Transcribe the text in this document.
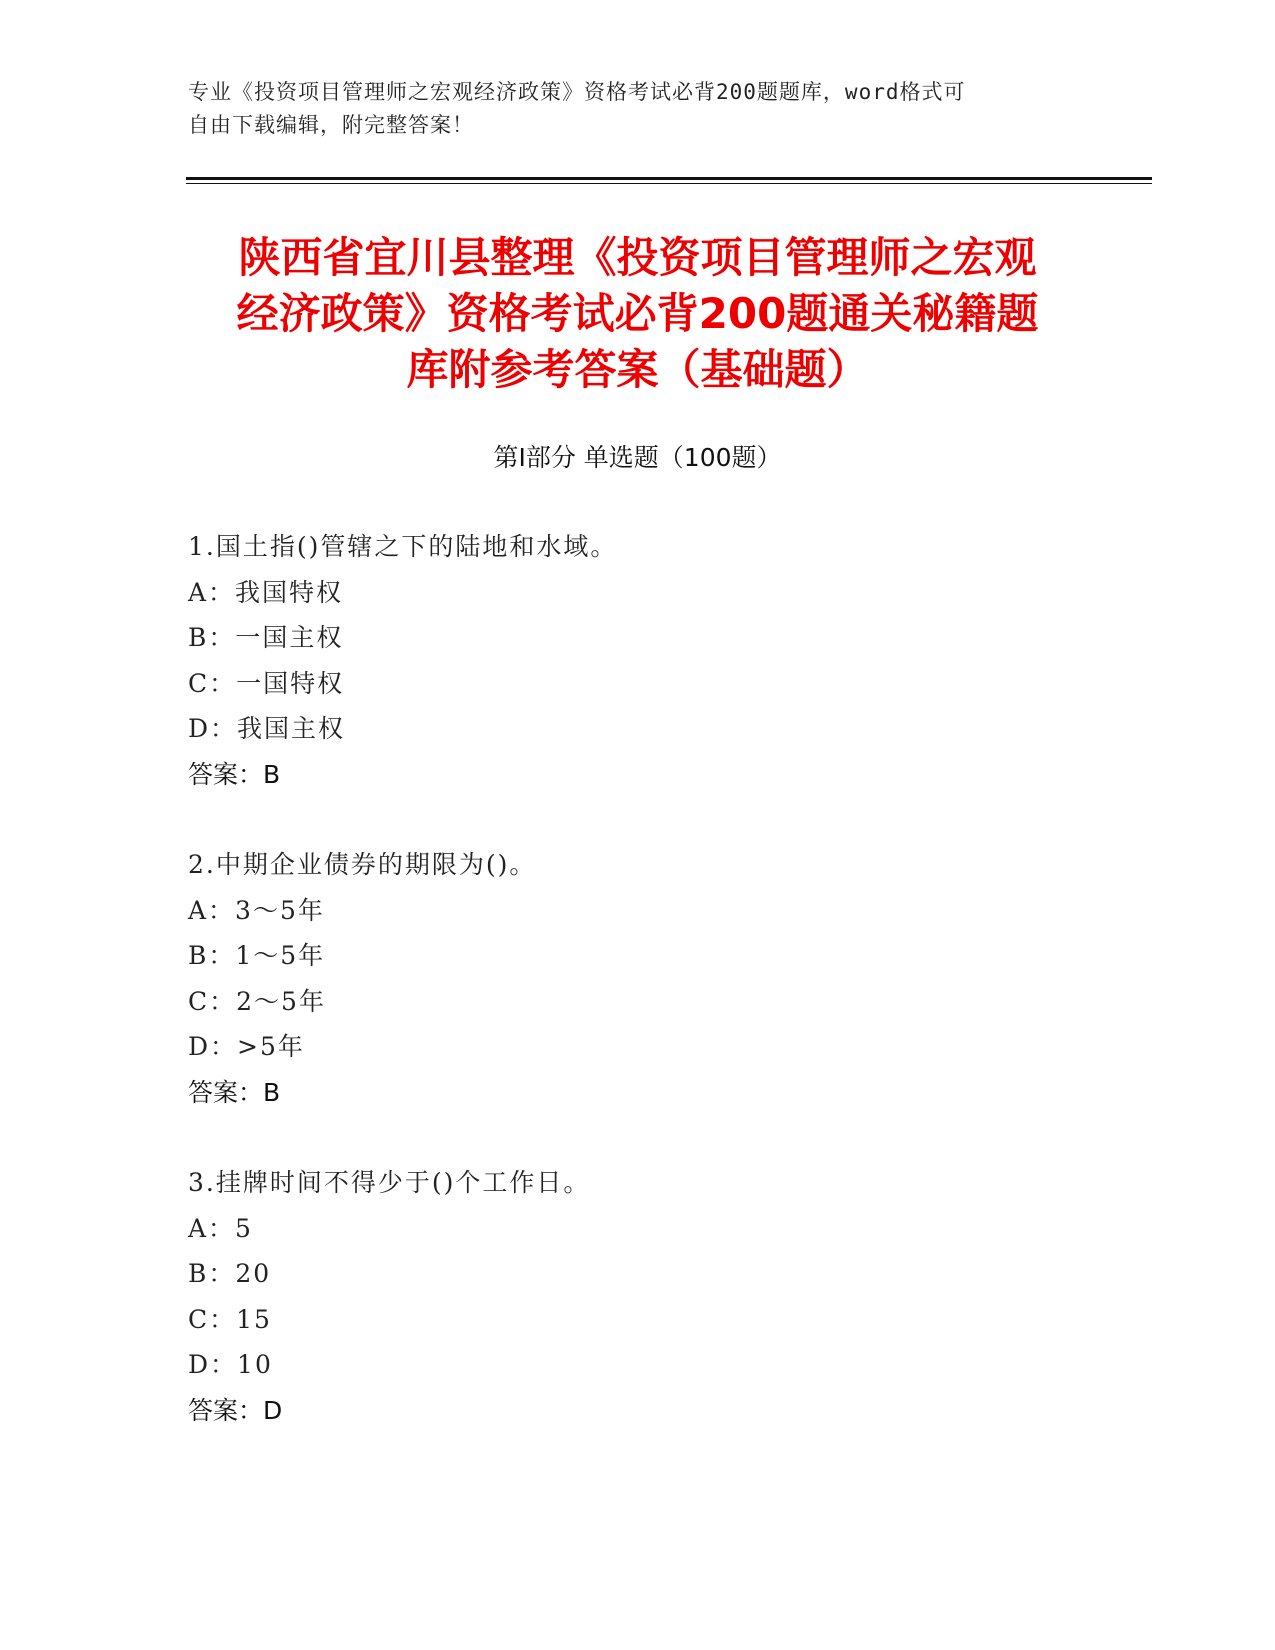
专业《投资项目管理师之宏观经济政策》资格考试必背200题题库，word格式可

自由下载编辑，附完整答案！

陕西省宜川县整理《投资项目管理师之宏观
经济政策》资格考试必背200题通关秘籍题
库附参考答案（基础题）
第Ⅰ部分 单选题（100题）
1.国土指()管辖之下的陆地和水域。
A：我国特权
B：一国主权
C：一国特权
D：我国主权
答案：B
2.中期企业债券的期限为()。
A：3～5年
B：1～5年
C：2～5年
D：>5年
答案：B
3.挂牌时间不得少于()个工作日。
A：5
B：20
C：15
D：10
答案：D
